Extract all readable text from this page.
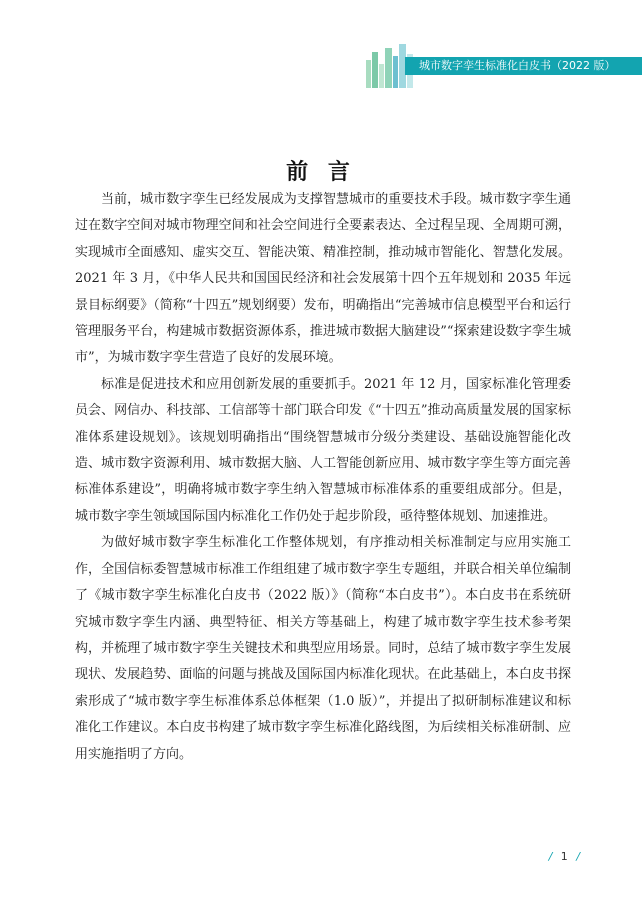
城市数字孪生标准化白皮书（2022 版）
前 言

当前，城市数字孪生已经发展成为支撑智慧城市的重要技术手段。城市数字孪生通过在数字空间对城市物理空间和社会空间进行全要素表达、全过程呈现、全周期可溯，实现城市全面感知、虚实交互、智能决策、精准控制，推动城市智能化、智慧化发展。2021 年 3 月，《中华人民共和国国民经济和社会发展第十四个五年规划和 2035 年远景目标纲要》（简称“十四五”规划纲要）发布，明确指出“完善城市信息模型平台和运行管理服务平台，构建城市数据资源体系，推进城市数据大脑建设”“探索建设数字孪生城市”，为城市数字孪生营造了良好的发展环境。

标准是促进技术和应用创新发展的重要抓手。2021 年 12 月，国家标准化管理委员会、网信办、科技部、工信部等十部门联合印发《“十四五”推动高质量发展的国家标准体系建设规划》。该规划明确指出“围绕智慧城市分级分类建设、基础设施智能化改造、城市数字资源利用、城市数据大脑、人工智能创新应用、城市数字孪生等方面完善标准体系建设”，明确将城市数字孪生纳入智慧城市标准体系的重要组成部分。但是，城市数字孪生领域国际国内标准化工作仍处于起步阶段，亟待整体规划、加速推进。

为做好城市数字孪生标准化工作整体规划，有序推动相关标准制定与应用实施工作，全国信标委智慧城市标准工作组组建了城市数字孪生专题组，并联合相关单位编制了《城市数字孪生标准化白皮书（2022 版）》（简称“本白皮书”）。本白皮书在系统研究城市数字孪生内涵、典型特征、相关方等基础上，构建了城市数字孪生技术参考架构，并梳理了城市数字孪生关键技术和典型应用场景。同时，总结了城市数字孪生发展现状、发展趋势、面临的问题与挑战及国际国内标准化现状。在此基础上，本白皮书探索形成了“城市数字孪生标准体系总体框架（1.0 版）”，并提出了拟研制标准建议和标准化工作建议。本白皮书构建了城市数字孪生标准化路线图，为后续相关标准研制、应用实施指明了方向。

/ 1 /
